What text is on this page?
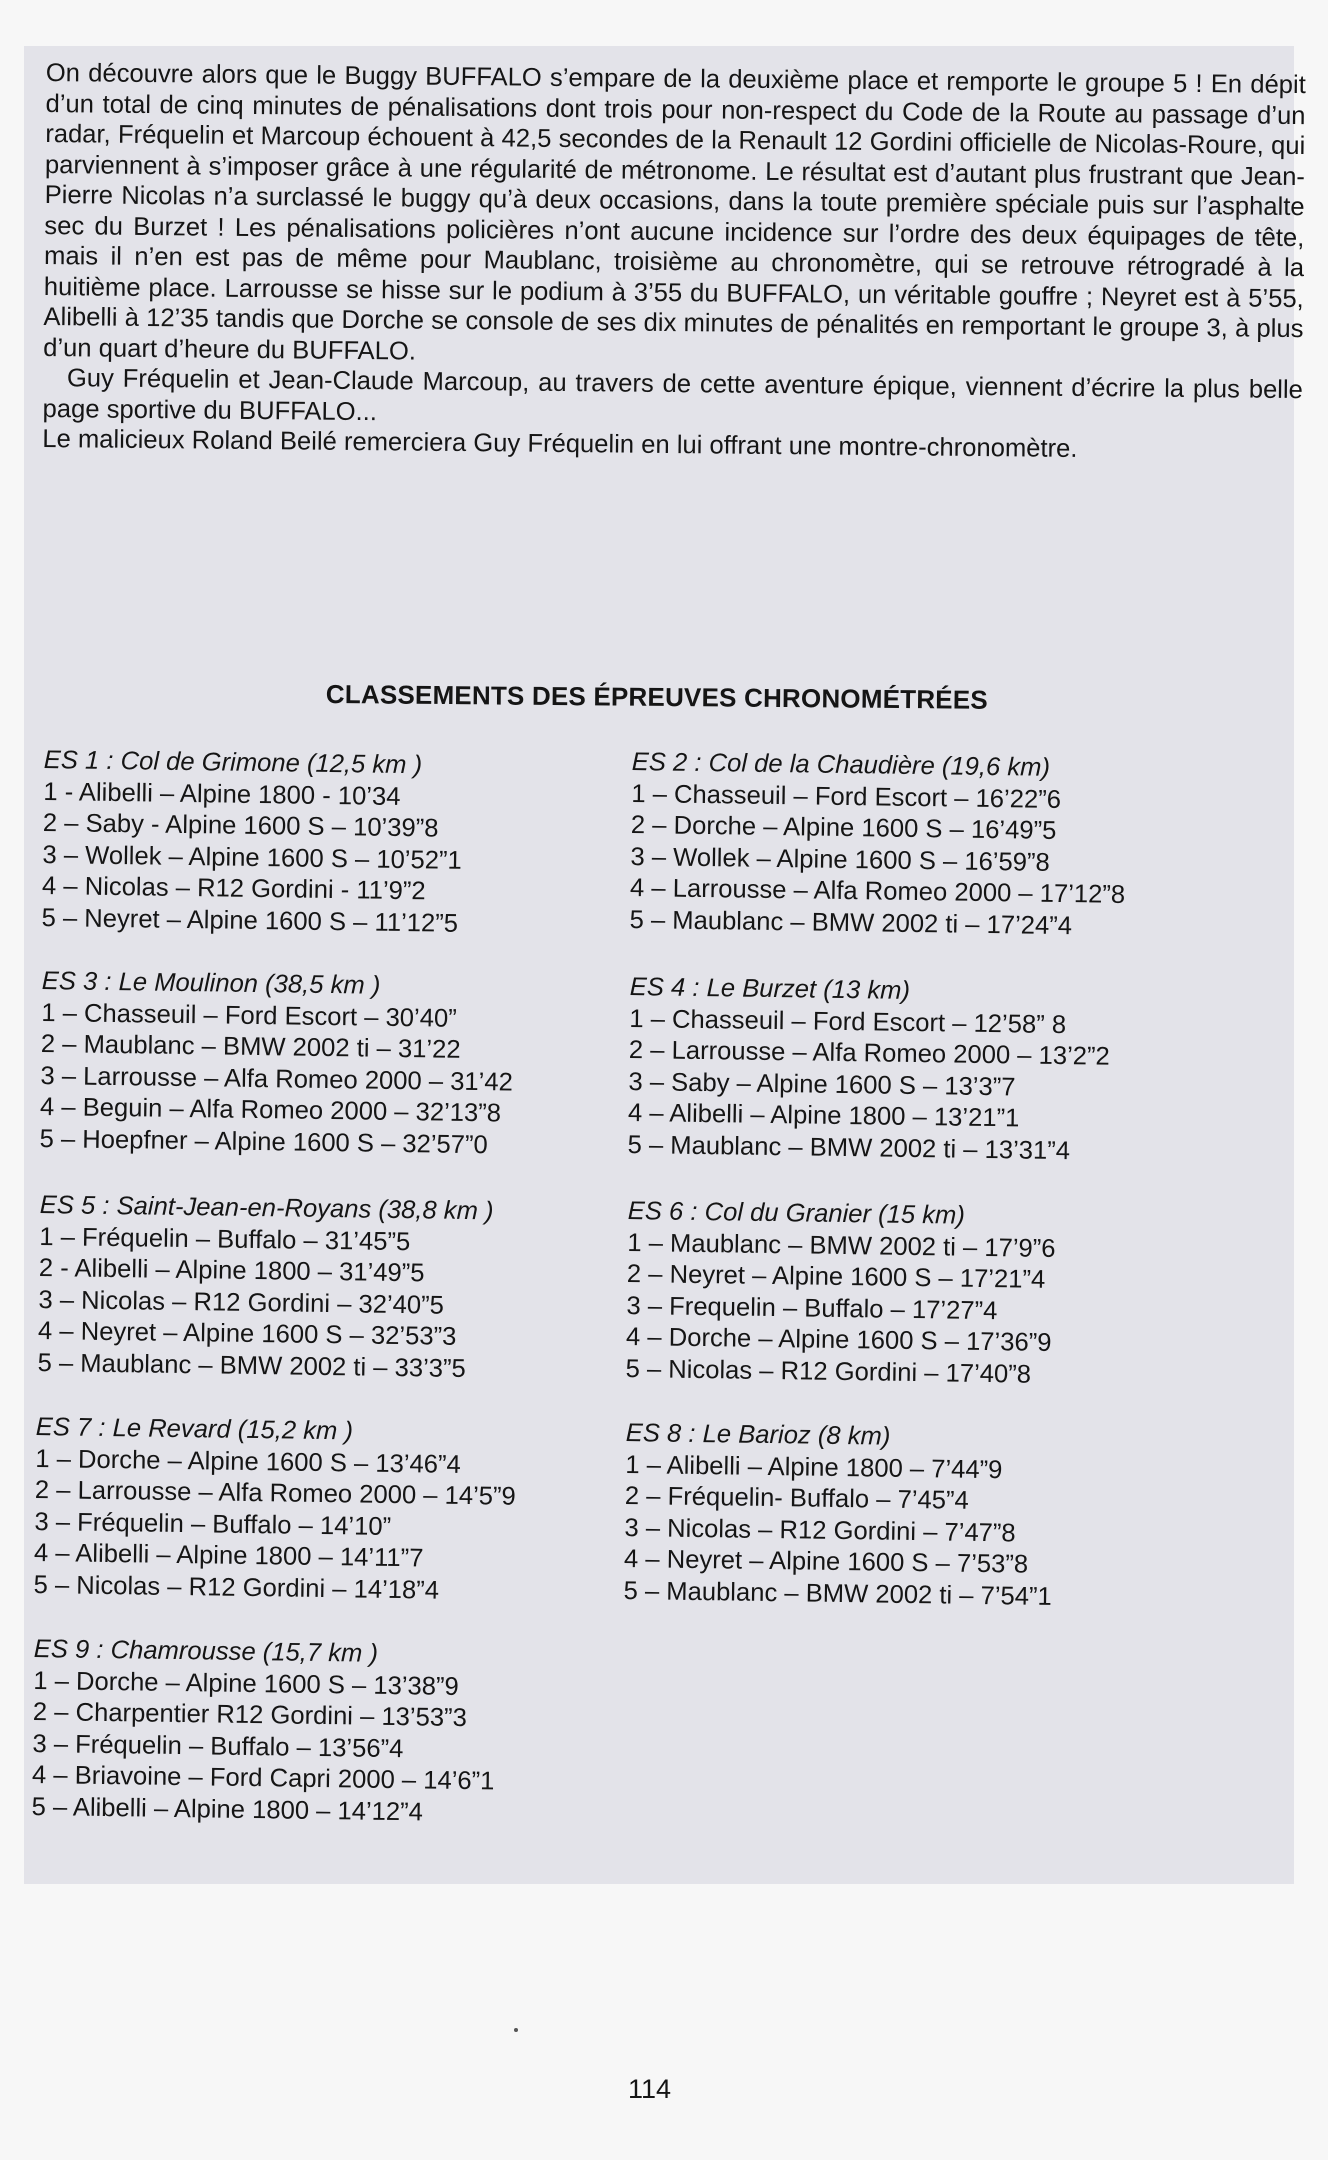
On découvre alors que le Buggy BUFFALO s’empare de la deuxième place et remporte le groupe 5 ! En dépit d’un total de cinq minutes de pénalisations dont trois pour non-respect du Code de la Route au passage d’un radar, Fréquelin et Marcoup échouent à 42,5 secondes de la Renault 12 Gordini officielle de Nicolas-Roure, qui parviennent à s’imposer grâce à une régularité de métronome. Le résultat est d’autant plus frustrant que Jean-Pierre Nicolas n’a surclassé le buggy qu’à deux occasions, dans la toute première spéciale puis sur l’asphalte sec du Burzet ! Les pénalisations policières n’ont aucune incidence sur l’ordre des deux équipages de tête, mais il n’en est pas de même pour Maublanc, troisième au chronomètre, qui se retrouve rétrogradé à la huitième place. Larrousse se hisse sur le podium à 3’55 du BUFFALO, un véritable gouffre ; Neyret est à 5’55, Alibelli à 12’35 tandis que Dorche se console de ses dix minutes de pénalités en remportant le groupe 3, à plus d’un quart d’heure du BUFFALO.

Guy Fréquelin et Jean-Claude Marcoup, au travers de cette aventure épique, viennent d’écrire la plus belle page sportive du BUFFALO...

Le malicieux Roland Beilé remerciera Guy Fréquelin en lui offrant une montre-chronomètre.

CLASSEMENTS DES ÉPREUVES CHRONOMÉTRÉES
ES 1 : Col de Grimone (12,5 km )
1 - Alibelli – Alpine 1800 - 10’34
2 – Saby - Alpine 1600 S – 10’39”8
3 – Wollek – Alpine 1600 S – 10’52”1
4 – Nicolas – R12 Gordini - 11’9”2
5 – Neyret – Alpine 1600 S – 11’12”5
ES 2 : Col de la Chaudière (19,6 km)
1 – Chasseuil – Ford Escort – 16’22”6
2 – Dorche – Alpine 1600 S – 16’49”5
3 – Wollek – Alpine 1600 S – 16’59”8
4 – Larrousse – Alfa Romeo 2000 – 17’12”8
5 – Maublanc – BMW 2002 ti – 17’24”4
ES 3 : Le Moulinon (38,5 km )
1 – Chasseuil – Ford Escort – 30’40”
2 – Maublanc – BMW 2002 ti – 31’22
3 – Larrousse – Alfa Romeo 2000 – 31’42
4 – Beguin – Alfa Romeo 2000 – 32’13”8
5 – Hoepfner – Alpine 1600 S – 32’57”0
ES 4 : Le Burzet (13 km)
1 – Chasseuil – Ford Escort – 12’58” 8
2 – Larrousse – Alfa Romeo 2000 – 13’2”2
3 – Saby – Alpine 1600 S – 13’3”7
4 – Alibelli – Alpine 1800 – 13’21”1
5 – Maublanc – BMW 2002 ti – 13’31”4
ES 5 : Saint-Jean-en-Royans (38,8 km )
1 – Fréquelin – Buffalo – 31’45”5
2 - Alibelli – Alpine 1800 – 31’49”5
3 – Nicolas – R12 Gordini – 32’40”5
4 – Neyret – Alpine 1600 S – 32’53”3
5 – Maublanc – BMW 2002 ti – 33’3”5
ES 6 : Col du Granier (15 km)
1 – Maublanc – BMW 2002 ti – 17’9”6
2 – Neyret – Alpine 1600 S – 17’21”4
3 – Frequelin – Buffalo – 17’27”4
4 – Dorche – Alpine 1600 S – 17’36”9
5 – Nicolas – R12 Gordini – 17’40”8
ES 7 : Le Revard (15,2 km )
1 – Dorche – Alpine 1600 S – 13’46”4
2 – Larrousse – Alfa Romeo 2000 – 14’5”9
3 – Fréquelin – Buffalo – 14’10”
4 – Alibelli – Alpine 1800 – 14’11”7
5 – Nicolas – R12 Gordini – 14’18”4
ES 8 : Le Barioz (8 km)
1 – Alibelli – Alpine 1800 – 7’44”9
2 – Fréquelin- Buffalo – 7’45”4
3 – Nicolas – R12 Gordini – 7’47”8
4 – Neyret – Alpine 1600 S – 7’53”8
5 – Maublanc – BMW 2002 ti – 7’54”1
ES 9 : Chamrousse (15,7 km )
1 – Dorche – Alpine 1600 S – 13’38”9
2 – Charpentier R12 Gordini – 13’53”3
3 – Fréquelin – Buffalo – 13’56”4
4 – Briavoine – Ford Capri 2000 – 14’6”1
5 – Alibelli – Alpine 1800 – 14’12”4
114
